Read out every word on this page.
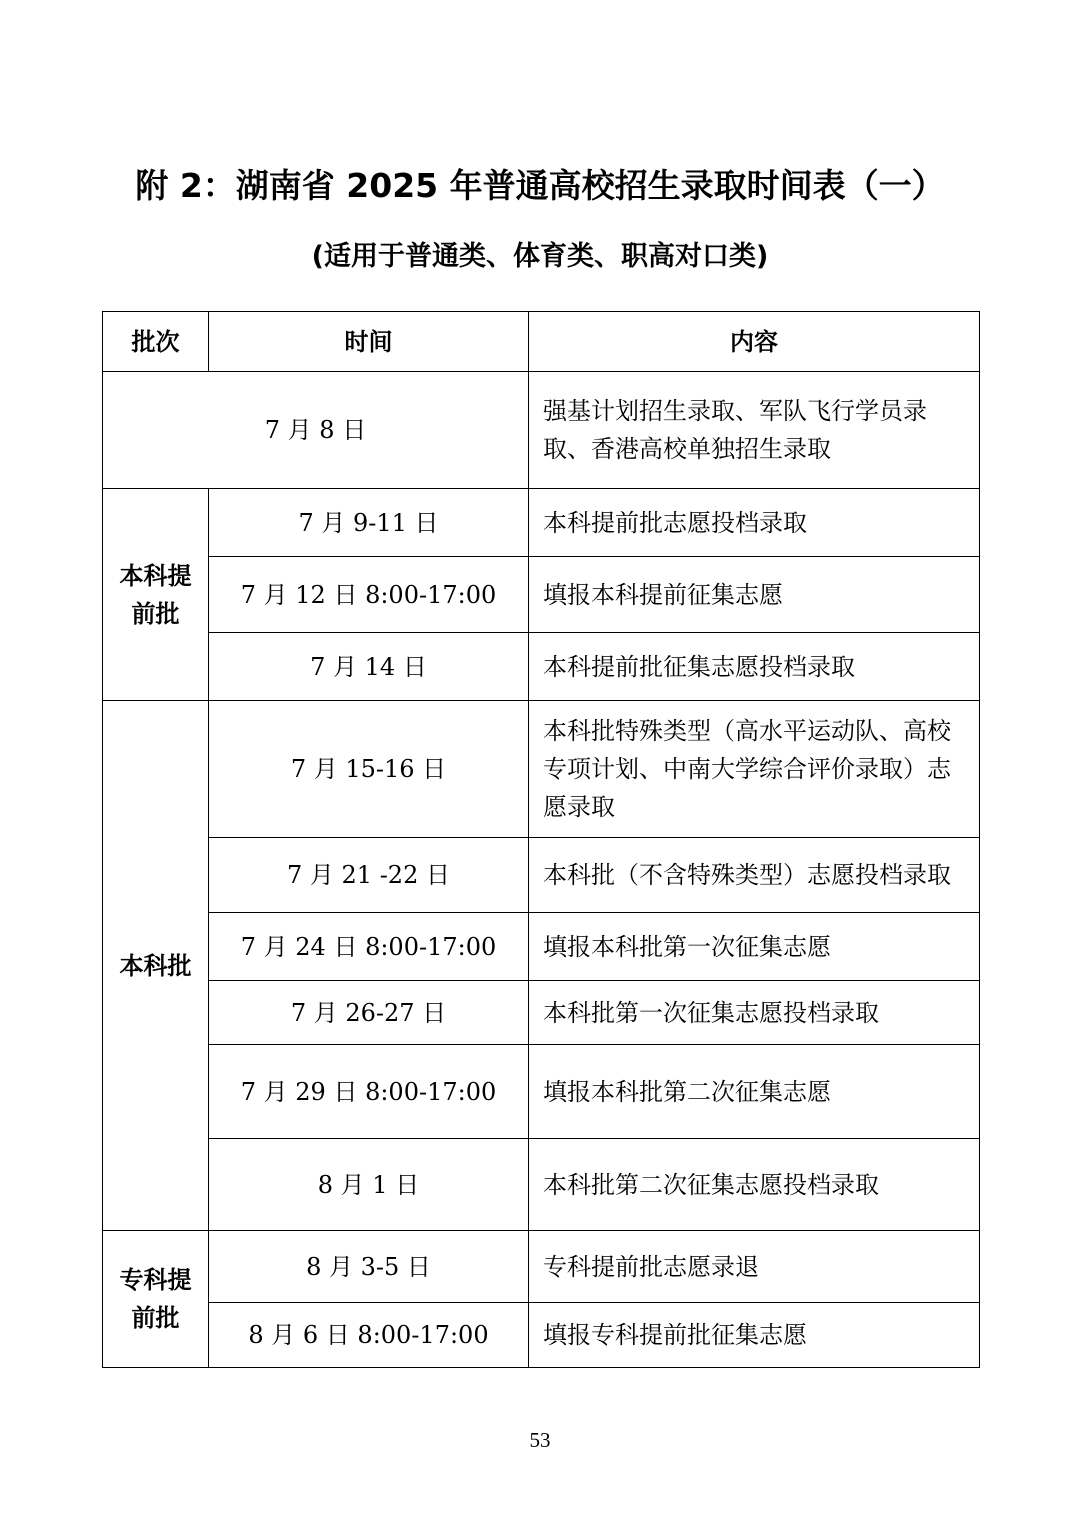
附 2：湖南省 2025 年普通高校招生录取时间表（一）
(适用于普通类、体育类、职高对口类)
批次	时间	内容
7 月 8 日		强基计划招生录取、军队飞行学员录取、香港高校单独招生录取
本科提前批	7 月 9-11 日	本科提前批志愿投档录取
	7 月 12 日 8:00-17:00	填报本科提前征集志愿
	7 月 14 日	本科提前批征集志愿投档录取
本科批	7 月 15-16 日	本科批特殊类型（高水平运动队、高校专项计划、中南大学综合评价录取）志愿录取
	7 月 21 -22 日	本科批（不含特殊类型）志愿投档录取
	7 月 24 日 8:00-17:00	填报本科批第一次征集志愿
	7 月 26-27 日	本科批第一次征集志愿投档录取
	7 月 29 日 8:00-17:00	填报本科批第二次征集志愿
	8 月 1 日	本科批第二次征集志愿投档录取
专科提前批	8 月 3-5 日	专科提前批志愿录退
	8 月 6 日 8:00-17:00	填报专科提前批征集志愿
53
